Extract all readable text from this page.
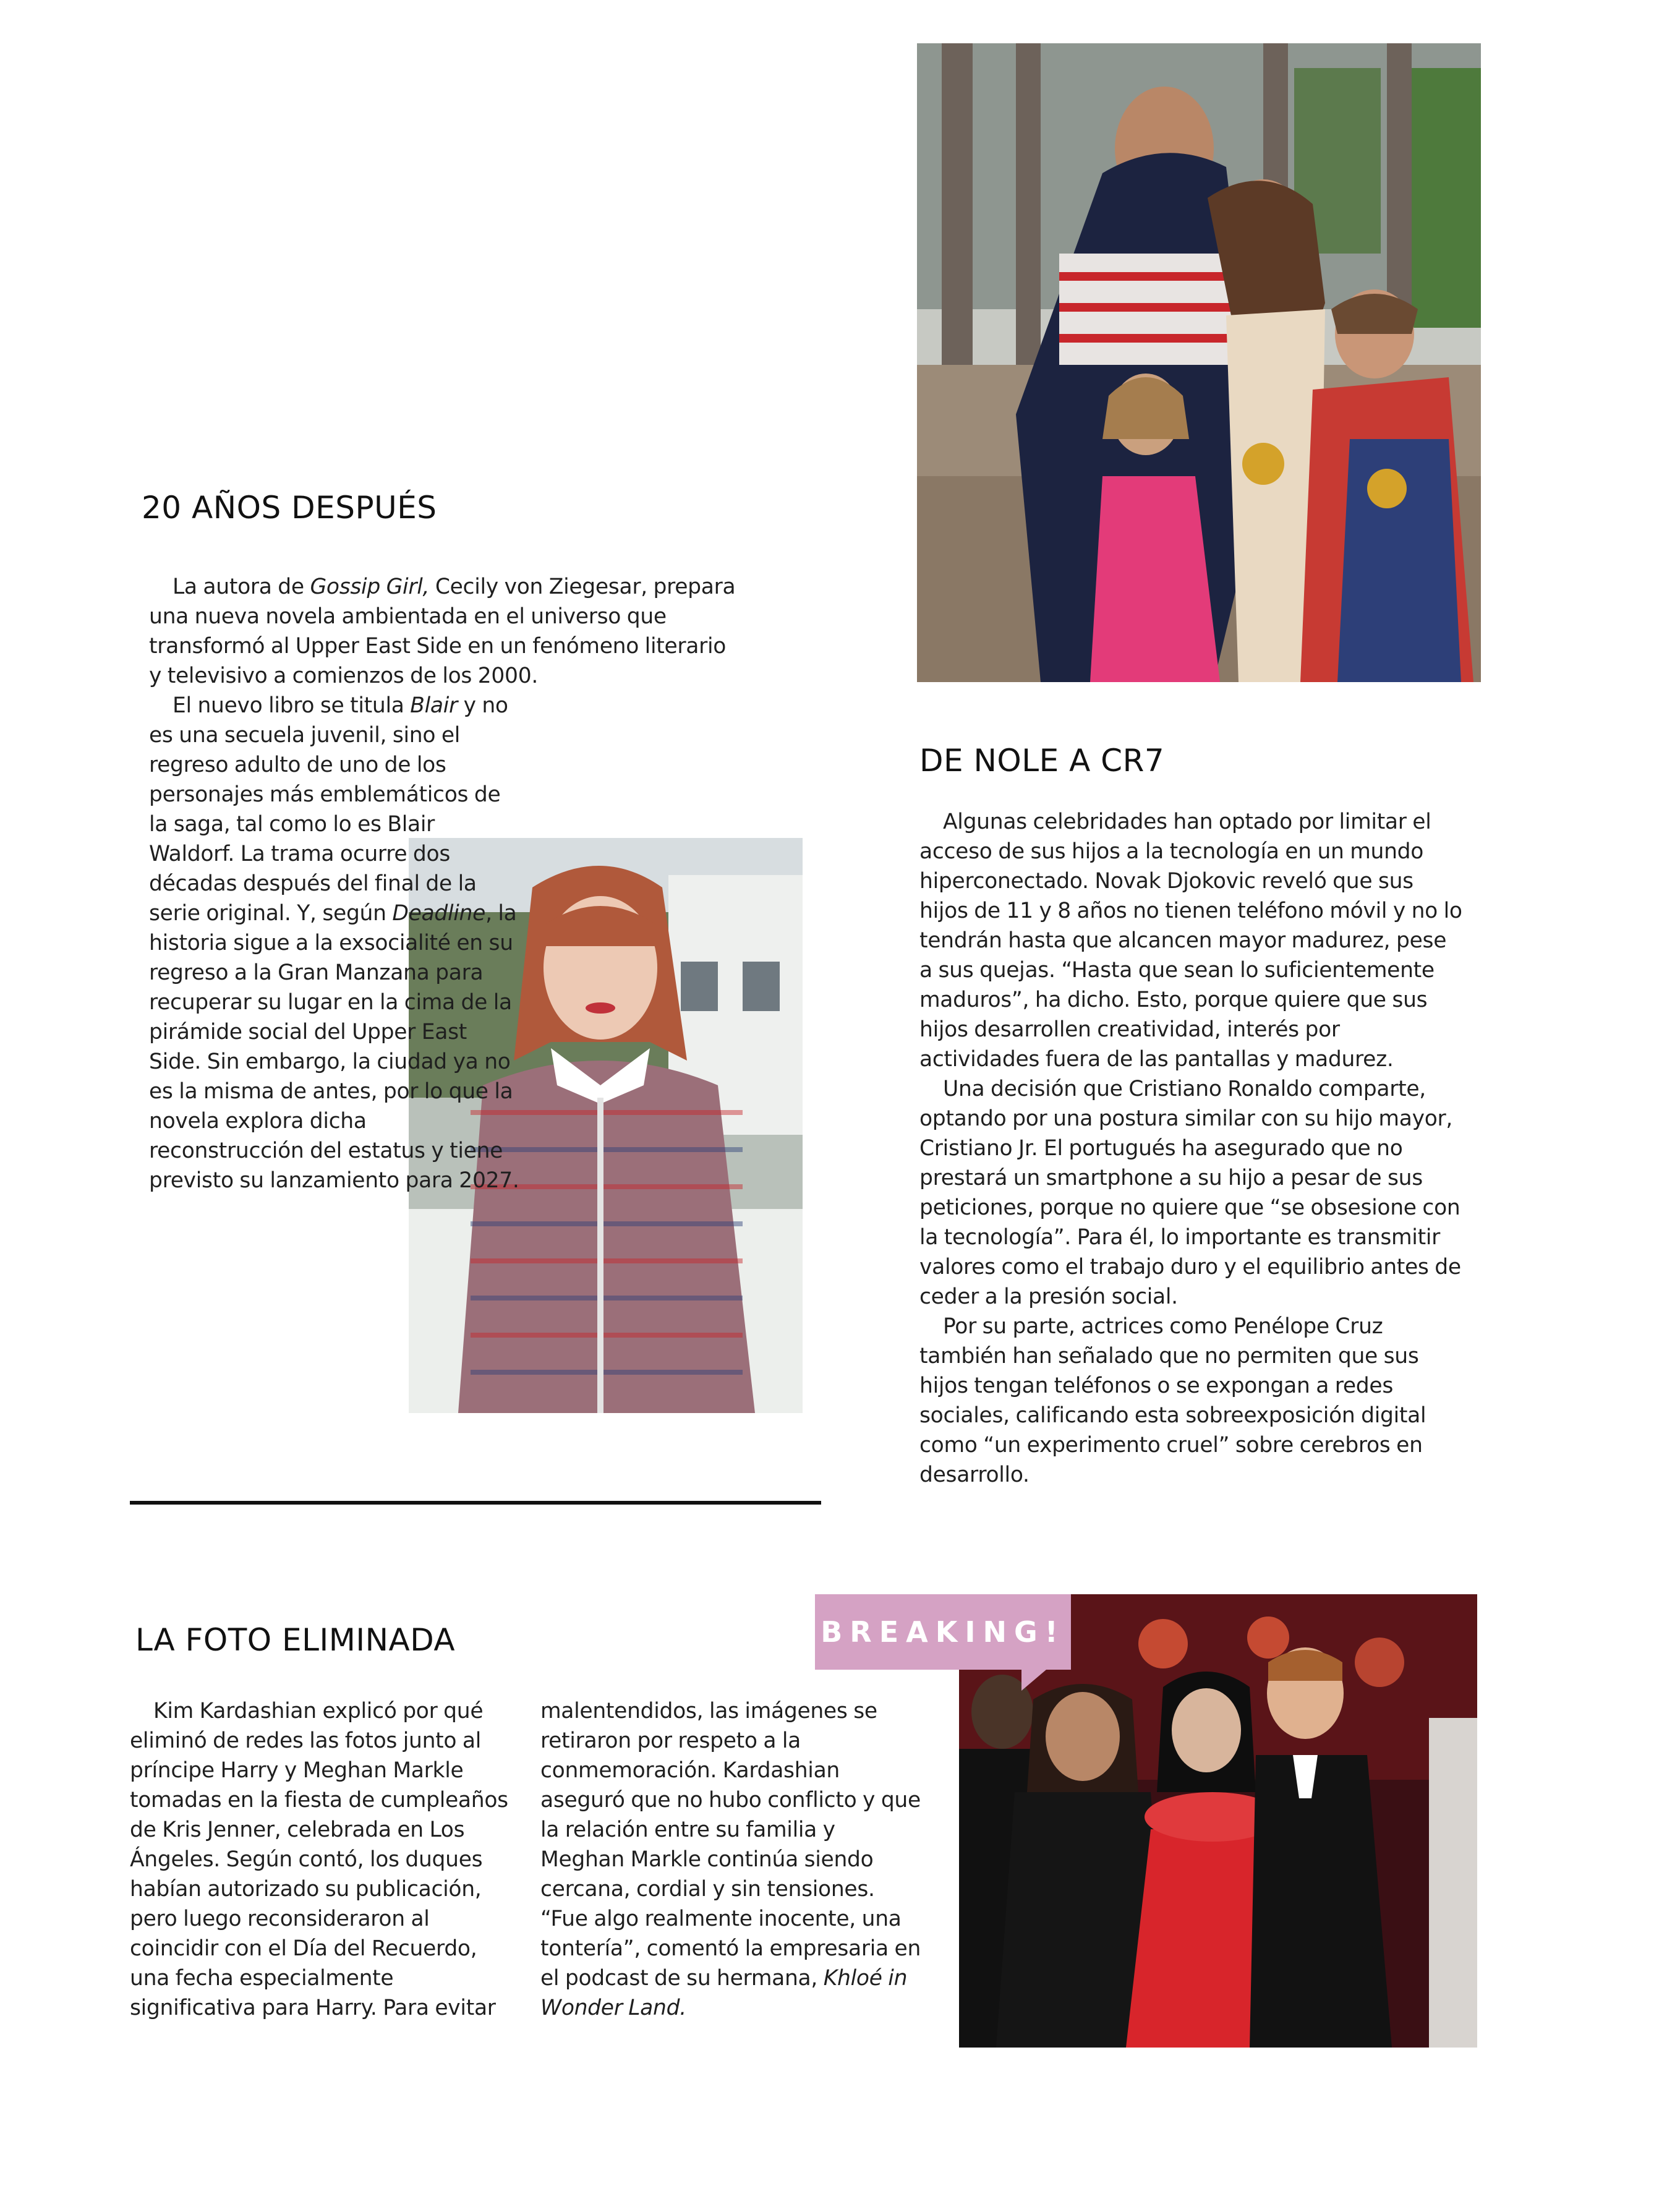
20 AÑOS DESPUÉS

La autora de Gossip Girl, Cecily von Ziegesar, prepara una nueva novela ambientada en el universo que transformó al Upper East Side en un fenómeno literario y televisivo a comienzos de los 2000.

El nuevo libro se titula Blair y no es una secuela juvenil, sino el regreso adulto de uno de los personajes más emblemáticos de la saga, tal como lo es Blair Waldorf. La trama ocurre dos décadas después del final de la serie original. Y, según Deadline, la historia sigue a la exsocialité en su regreso a la Gran Manzana para recuperar su lugar en la cima de la pirámide social del Upper East Side. Sin embargo, la ciudad ya no es la misma de antes, por lo que la novela explora dicha reconstrucción del estatus y tiene previsto su lanzamiento para 2027.

DE NOLE A CR7

Algunas celebridades han optado por limitar el acceso de sus hijos a la tecnología en un mundo hiperconectado. Novak Djokovic reveló que sus hijos de 11 y 8 años no tienen teléfono móvil y no lo tendrán hasta que alcancen mayor madurez, pese a sus quejas. “Hasta que sean lo suficientemente maduros”, ha dicho. Esto, porque quiere que sus hijos desarrollen creatividad, interés por actividades fuera de las pantallas y madurez.

Una decisión que Cristiano Ronaldo comparte, optando por una postura similar con su hijo mayor, Cristiano Jr. El portugués ha asegurado que no prestará un smartphone a su hijo a pesar de sus peticiones, porque no quiere que “se obsesione con la tecnología”. Para él, lo importante es transmitir valores como el trabajo duro y el equilibrio antes de ceder a la presión social.

Por su parte, actrices como Penélope Cruz también han señalado que no permiten que sus hijos tengan teléfonos o se expongan a redes sociales, calificando esta sobreexposición digital como “un experimento cruel” sobre cerebros en desarrollo.

LA FOTO ELIMINADA

Kim Kardashian explicó por qué eliminó de redes las fotos junto al príncipe Harry y Meghan Markle tomadas en la fiesta de cumpleaños de Kris Jenner, celebrada en Los Ángeles. Según contó, los duques habían autorizado su publicación, pero luego reconsideraron al coincidir con el Día del Recuerdo, una fecha especialmente significativa para Harry. Para evitar

malentendidos, las imágenes se retiraron por respeto a la conmemoración. Kardashian aseguró que no hubo conflicto y que la relación entre su familia y Meghan Markle continúa siendo cercana, cordial y sin tensiones. “Fue algo realmente inocente, una tontería”, comentó la empresaria en el podcast de su hermana, Khloé in Wonder Land.

BREAKING!
